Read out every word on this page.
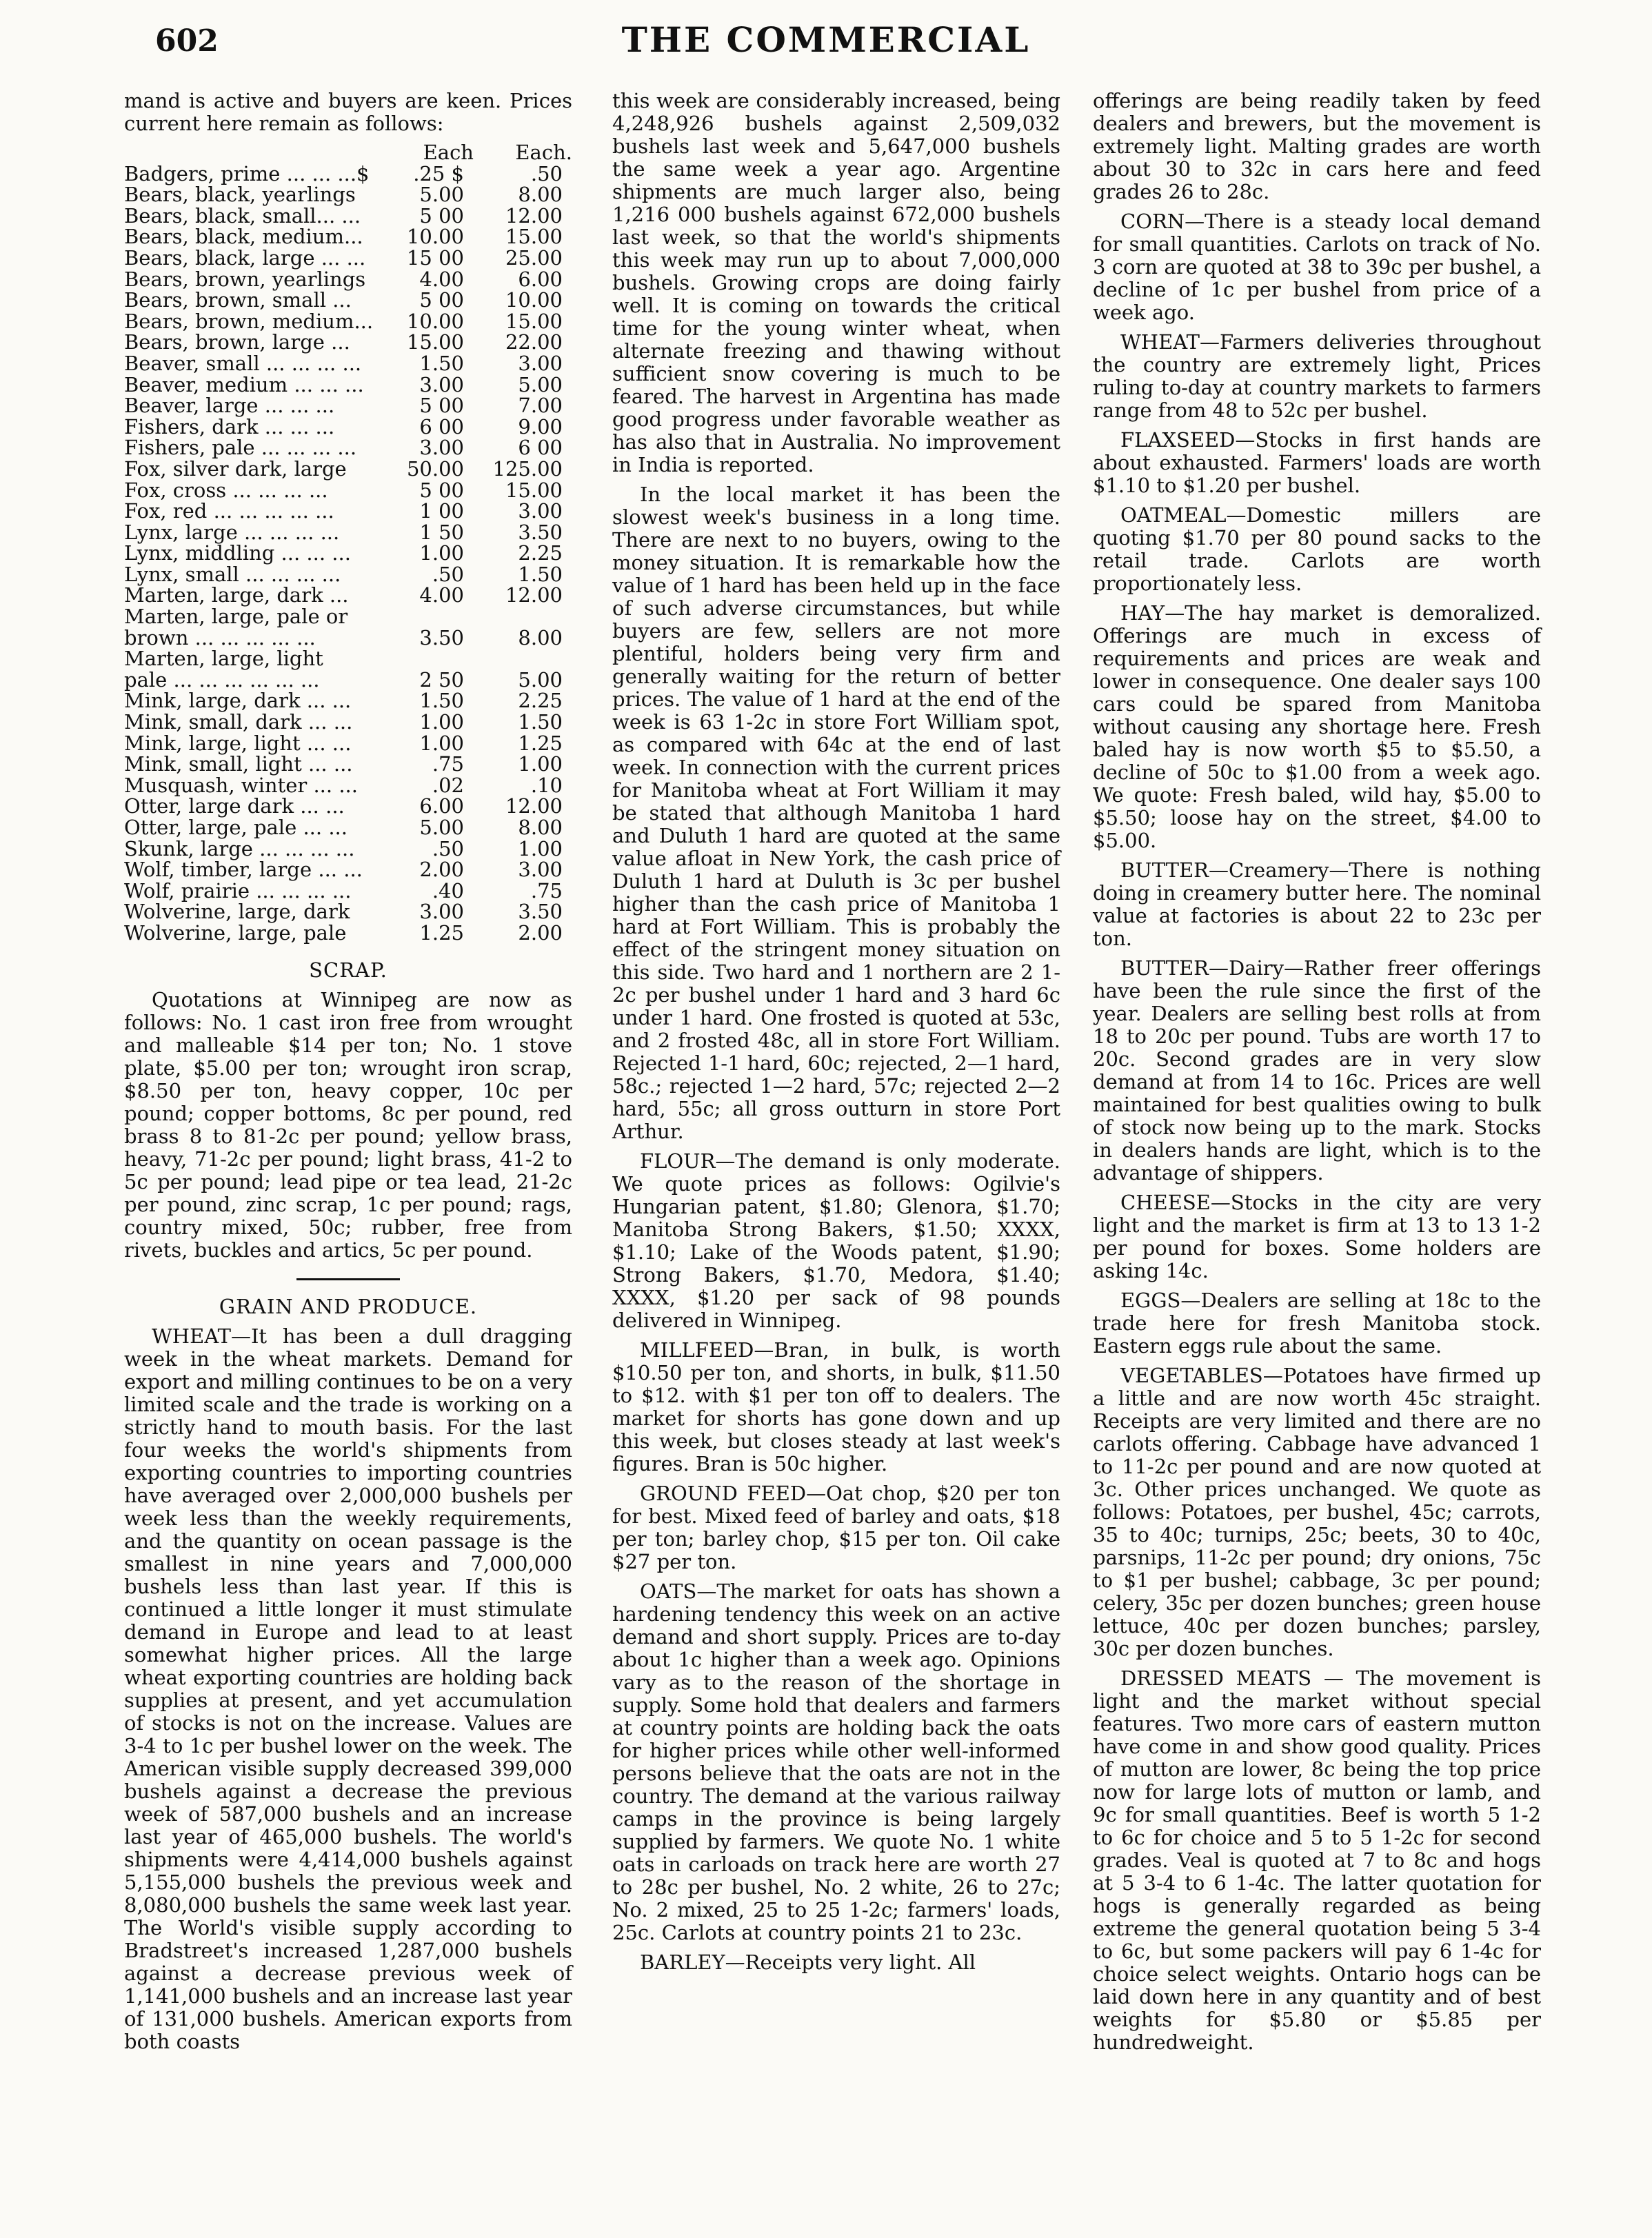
THE COMMERCIAL
602

mand is active and buyers are keen. Prices current here remain as follows:

	Each	Each.
Badgers, prime ... ... ...$	.25 $	.50
Bears, black, yearlings	5.00	8.00
Bears, black, small... ...	5 00	12.00
Bears, black, medium...	10.00	15.00
Bears, black, large ... ...	15 00	25.00
Bears, brown, yearlings	4.00	6.00
Bears, brown, small ...	5 00	10.00
Bears, brown, medium...	10.00	15.00
Bears, brown, large ...	15.00	22.00
Beaver, small ... ... ... ...	1.50	3.00
Beaver, medium ... ... ...	3.00	5.00
Beaver, large ... ... ...	5 00	7.00
Fishers, dark ... ... ...	6 00	9.00
Fishers, pale ... ... ... ...	3.00	6 00
Fox, silver dark, large	50.00	125.00
Fox, cross ... ... ... ...	5 00	15.00
Fox, red ... ... ... ... ...	1 00	3.00
Lynx, large ... ... ... ...	1 50	3.50
Lynx, middling ... ... ...	1.00	2.25
Lynx, small ... ... ... ...	.50	1.50
Marten, large, dark ...	4.00	12.00
Marten, large, pale or		
brown ... ... ... ... ...	3.50	8.00
Marten, large, light		
pale ... ... ... ... ... ...	2 50	5.00
Mink, large, dark ... ...	1.50	2.25
Mink, small, dark ... ...	1.00	1.50
Mink, large, light ... ...	1.00	1.25
Mink, small, light ... ...	.75	1.00
Musquash, winter ... ...	.02	.10
Otter, large dark ... ...	6.00	12.00
Otter, large, pale ... ...	5.00	8.00
Skunk, large ... ... ... ...	.50	1.00
Wolf, timber, large ... ...	2.00	3.00
Wolf, prairie ... ... ... ...	.40	.75
Wolverine, large, dark	3.00	3.50
Wolverine, large, pale	1.25	2.00
SCRAP.

Quotations at Winnipeg are now as follows: No. 1 cast iron free from wrought and malleable $14 per ton; No. 1 stove plate, $5.00 per ton; wrought iron scrap, $8.50 per ton, heavy copper, 10c per pound; copper bottoms, 8c per pound, red brass 8 to 81-2c per pound; yellow brass, heavy, 71-2c per pound; light brass, 41-2 to 5c per pound; lead pipe or tea lead, 21-2c per pound, zinc scrap, 1c per pound; rags, country mixed, 50c; rubber, free from rivets, buckles and artics, 5c per pound.

GRAIN AND PRODUCE.

WHEAT—It has been a dull dragging week in the wheat markets. Demand for export and milling continues to be on a very limited scale and the trade is working on a strictly hand to mouth basis. For the last four weeks the world's shipments from exporting countries to importing countries have averaged over 2,000,000 bushels per week less than the weekly requirements, and the quantity on ocean passage is the smallest in nine years and 7,000,000 bushels less than last year. If this is continued a little longer it must stimulate demand in Europe and lead to at least somewhat higher prices. All the large wheat exporting countries are holding back supplies at present, and yet accumulation of stocks is not on the increase. Values are 3-4 to 1c per bushel lower on the week. The American visible supply decreased 399,000 bushels against a decrease the previous week of 587,000 bushels and an increase last year of 465,000 bushels. The world's shipments were 4,414,000 bushels against 5,155,000 bushels the previous week and 8,080,000 bushels the same week last year. The World's visible supply according to Bradstreet's increased 1,287,000 bushels against a decrease previous week of 1,141,000 bushels and an increase last year of 131,000 bushels. American exports from both coasts

this week are considerably increased, being 4,248,926 bushels against 2,509,032 bushels last week and 5,647,000 bushels the same week a year ago. Argentine shipments are much larger also, being 1,216 000 bushels against 672,000 bushels last week, so that the world's shipments this week may run up to about 7,000,000 bushels. Growing crops are doing fairly well. It is coming on towards the critical time for the young winter wheat, when alternate freezing and thawing without sufficient snow covering is much to be feared. The harvest in Argentina has made good progress under favorable weather as has also that in Australia. No improvement in India is reported.

In the local market it has been the slowest week's business in a long time. There are next to no buyers, owing to the money situation. It is remarkable how the value of 1 hard has been held up in the face of such adverse circumstances, but while buyers are few, sellers are not more plentiful, holders being very firm and generally waiting for the return of better prices. The value of 1 hard at the end of the week is 63 1-2c in store Fort William spot, as compared with 64c at the end of last week. In connection with the current prices for Manitoba wheat at Fort William it may be stated that although Manitoba 1 hard and Duluth 1 hard are quoted at the same value afloat in New York, the cash price of Duluth 1 hard at Duluth is 3c per bushel higher than the cash price of Manitoba 1 hard at Fort William. This is probably the effect of the stringent money situation on this side. Two hard and 1 northern are 2 1-2c per bushel under 1 hard and 3 hard 6c under 1 hard. One frosted is quoted at 53c, and 2 frosted 48c, all in store Fort William. Rejected 1-1 hard, 60c; rejected, 2—1 hard, 58c.; rejected 1—2 hard, 57c; rejected 2—2 hard, 55c; all gross outturn in store Port Arthur.

FLOUR—The demand is only moderate. We quote prices as follows: Ogilvie's Hungarian patent, $1.80; Glenora, $1.70; Manitoba Strong Bakers, $1.50; XXXX, $1.10; Lake of the Woods patent, $1.90; Strong Bakers, $1.70, Medora, $1.40; XXXX, $1.20 per sack of 98 pounds delivered in Winnipeg.

MILLFEED—Bran, in bulk, is worth $10.50 per ton, and shorts, in bulk, $11.50 to $12. with $1 per ton off to dealers. The market for shorts has gone down and up this week, but closes steady at last week's figures. Bran is 50c higher.

GROUND FEED—Oat chop, $20 per ton for best. Mixed feed of barley and oats, $18 per ton; barley chop, $15 per ton. Oil cake $27 per ton.

OATS—The market for oats has shown a hardening tendency this week on an active demand and short supply. Prices are to-day about 1c higher than a week ago. Opinions vary as to the reason of the shortage in supply. Some hold that dealers and farmers at country points are holding back the oats for higher prices while other well-informed persons believe that the oats are not in the country. The demand at the various railway camps in the province is being largely supplied by farmers. We quote No. 1 white oats in carloads on track here are worth 27 to 28c per bushel, No. 2 white, 26 to 27c; No. 2 mixed, 25 to 25 1-2c; farmers' loads, 25c. Carlots at country points 21 to 23c.

BARLEY—Receipts very light. All

offerings are being readily taken by feed dealers and brewers, but the movement is extremely light. Malting grades are worth about 30 to 32c in cars here and feed grades 26 to 28c.

CORN—There is a steady local demand for small quantities. Carlots on track of No. 3 corn are quoted at 38 to 39c per bushel, a decline of 1c per bushel from price of a week ago.

WHEAT—Farmers deliveries throughout the country are extremely light, Prices ruling to-day at country markets to farmers range from 48 to 52c per bushel.

FLAXSEED—Stocks in first hands are about exhausted. Farmers' loads are worth $1.10 to $1.20 per bushel.

OATMEAL—Domestic millers are quoting $1.70 per 80 pound sacks to the retail trade. Carlots are worth proportionately less.

HAY—The hay market is demoralized. Offerings are much in excess of requirements and prices are weak and lower in consequence. One dealer says 100 cars could be spared from Manitoba without causing any shortage here. Fresh baled hay is now worth $5 to $5.50, a decline of 50c to $1.00 from a week ago. We quote: Fresh baled, wild hay, $5.00 to $5.50; loose hay on the street, $4.00 to $5.00.

BUTTER—Creamery—There is nothing doing in creamery butter here. The nominal value at factories is about 22 to 23c per ton.

BUTTER—Dairy—Rather freer offerings have been the rule since the first of the year. Dealers are selling best rolls at from 18 to 20c per pound. Tubs are worth 17 to 20c. Second grades are in very slow demand at from 14 to 16c. Prices are well maintained for best qualities owing to bulk of stock now being up to the mark. Stocks in dealers hands are light, which is to the advantage of shippers.

CHEESE—Stocks in the city are very light and the market is firm at 13 to 13 1-2 per pound for boxes. Some holders are asking 14c.

EGGS—Dealers are selling at 18c to the trade here for fresh Manitoba stock. Eastern eggs rule about the same.

VEGETABLES—Potatoes have firmed up a little and are now worth 45c straight. Receipts are very limited and there are no carlots offering. Cabbage have advanced 1 to 11-2c per pound and are now quoted at 3c. Other prices unchanged. We quote as follows: Potatoes, per bushel, 45c; carrots, 35 to 40c; turnips, 25c; beets, 30 to 40c, parsnips, 11-2c per pound; dry onions, 75c to $1 per bushel; cabbage, 3c per pound; celery, 35c per dozen bunches; green house lettuce, 40c per dozen bunches; parsley, 30c per dozen bunches.

DRESSED MEATS — The movement is light and the market without special features. Two more cars of eastern mutton have come in and show good quality. Prices of mutton are lower, 8c being the top price now for large lots of mutton or lamb, and 9c for small quantities. Beef is worth 5 1-2 to 6c for choice and 5 to 5 1-2c for second grades. Veal is quoted at 7 to 8c and hogs at 5 3-4 to 6 1-4c. The latter quotation for hogs is generally regarded as being extreme the general quotation being 5 3-4 to 6c, but some packers will pay 6 1-4c for choice select weights. Ontario hogs can be laid down here in any quantity and of best weights for $5.80 or $5.85 per hundredweight.
